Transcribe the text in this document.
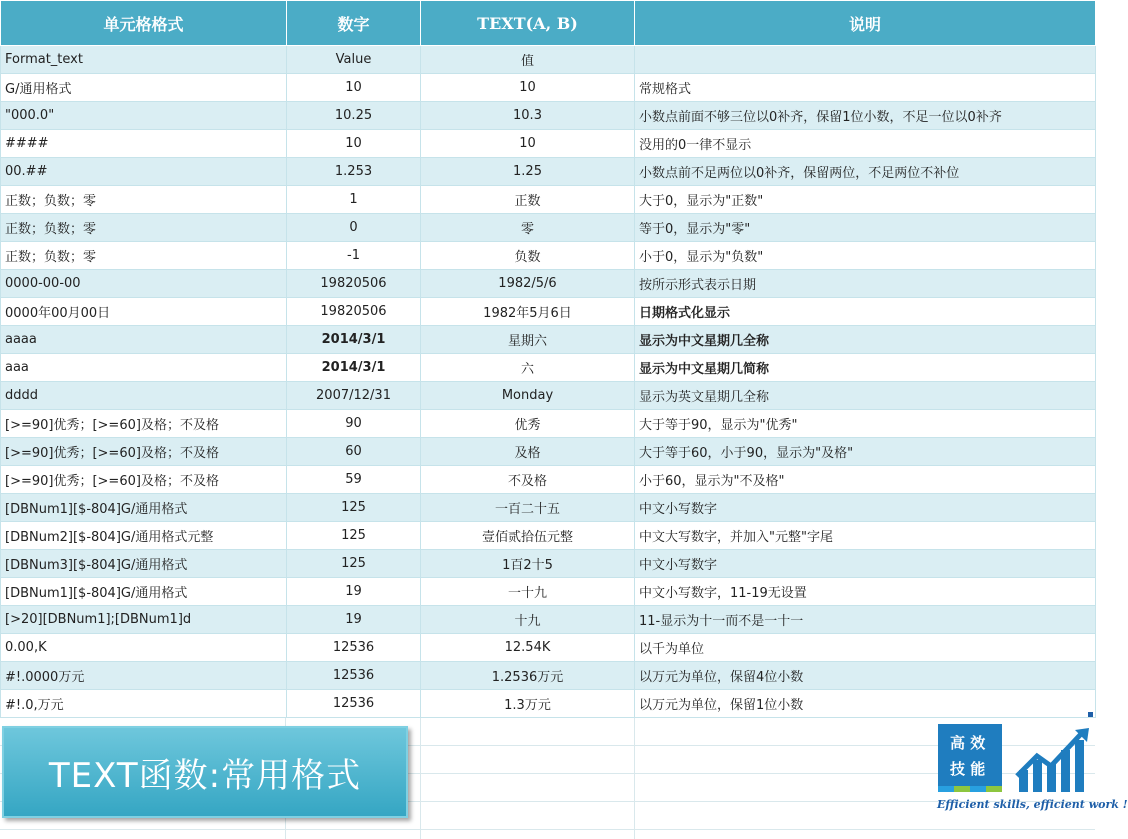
单元格格式	数字	TEXT(A, B)	说明
Format_text	Value	值	
G/通用格式	10	10	常规格式
"000.0"	10.25	10.3	小数点前面不够三位以0补齐，保留1位小数，不足一位以0补齐
####	10	10	没用的0一律不显示
00.##	1.253	1.25	小数点前不足两位以0补齐，保留两位，不足两位不补位
正数；负数；零	1	正数	大于0，显示为"正数"
正数；负数；零	0	零	等于0，显示为"零"
正数；负数；零	-1	负数	小于0，显示为"负数"
0000-00-00	19820506	1982/5/6	按所示形式表示日期
0000年00月00日	19820506	1982年5月6日	日期格式化显示
aaaa	2014/3/1	星期六	显示为中文星期几全称
aaa	2014/3/1	六	显示为中文星期几简称
dddd	2007/12/31	Monday	显示为英文星期几全称
[>=90]优秀；[>=60]及格；不及格	90	优秀	大于等于90，显示为"优秀"
[>=90]优秀；[>=60]及格；不及格	60	及格	大于等于60，小于90，显示为"及格"
[>=90]优秀；[>=60]及格；不及格	59	不及格	小于60，显示为"不及格"
[DBNum1][$-804]G/通用格式	125	一百二十五	中文小写数字
[DBNum2][$-804]G/通用格式元整	125	壹佰贰拾伍元整	中文大写数字，并加入"元整"字尾
[DBNum3][$-804]G/通用格式	125	1百2十5	中文小写数字
[DBNum1][$-804]G/通用格式	19	一十九	中文小写数字，11-19无设置
[>20][DBNum1];[DBNum1]d	19	十九	11-显示为十一而不是一十一
0.00,K	12536	12.54K	以千为单位
#!.0000万元	12536	1.2536万元	以万元为单位，保留4位小数
#!.0,万元	12536	1.3万元	以万元为单位，保留1位小数
TEXT函数:常用格式
高 效
技 能
Efficient skills, efficient work !
